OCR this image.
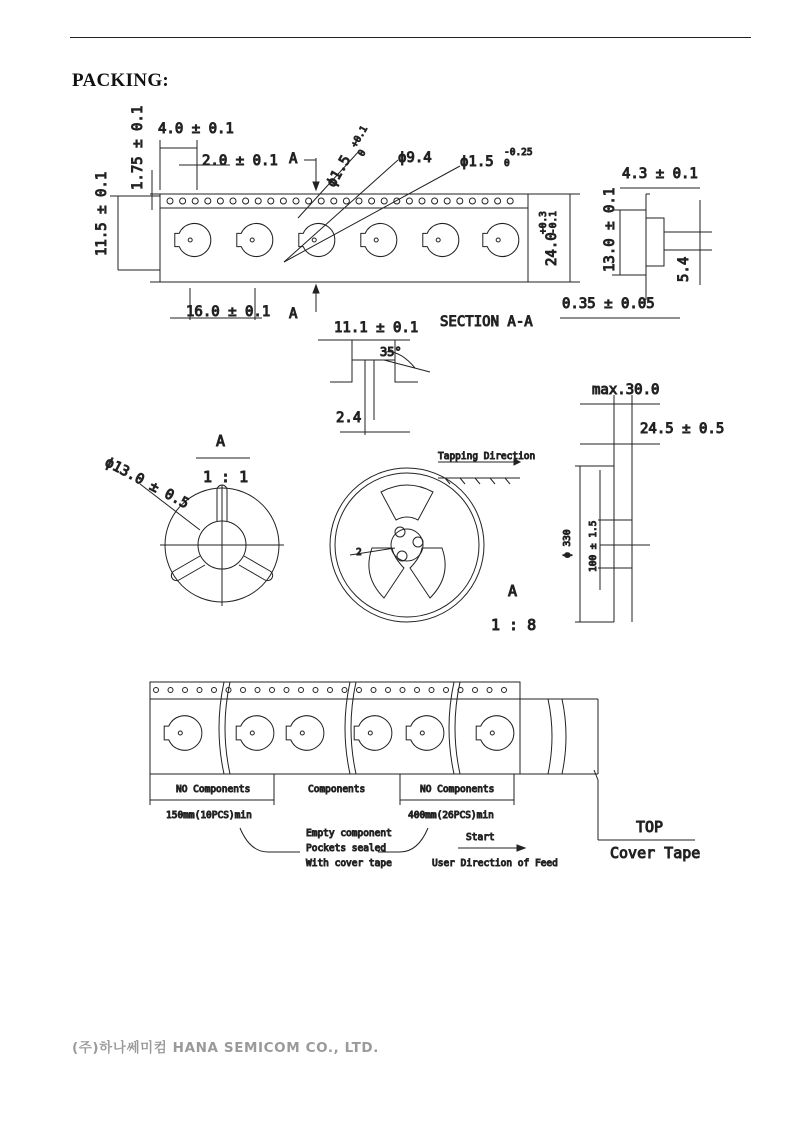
PACKING:
4.0 ± 0.1
1.75 ± 0.1	2.0 ± 0.1 A ϕ1.5
+0.1
0 ϕ9.4 ϕ1.5
-0.25
0
11.5 ± 0.1	24.0
+0.3 -0.1
16.0 ± 0.1 A
4.3 ± 0.1
13.0 ± 0.1	5.4
0.35 ± 0.05
SECTION A-A
11.1 ± 0.1
35°
2.4
A
1 : 1
ϕ13.0 ± 0.5	Tapping Direction
2
A
1 : 8
max.30.0
24.5 ± 0.5
ϕ 330 100 ± 1.5
NO Components	Components	NO Components
150mm(10PCS)min	400mm(26PCS)min
Empty component
Pockets sealed
With cover tape
Start
User Direction of Feed
TOP
Cover Tape
(주)하나쎄미컴 HANA SEMICOM CO., LTD.
